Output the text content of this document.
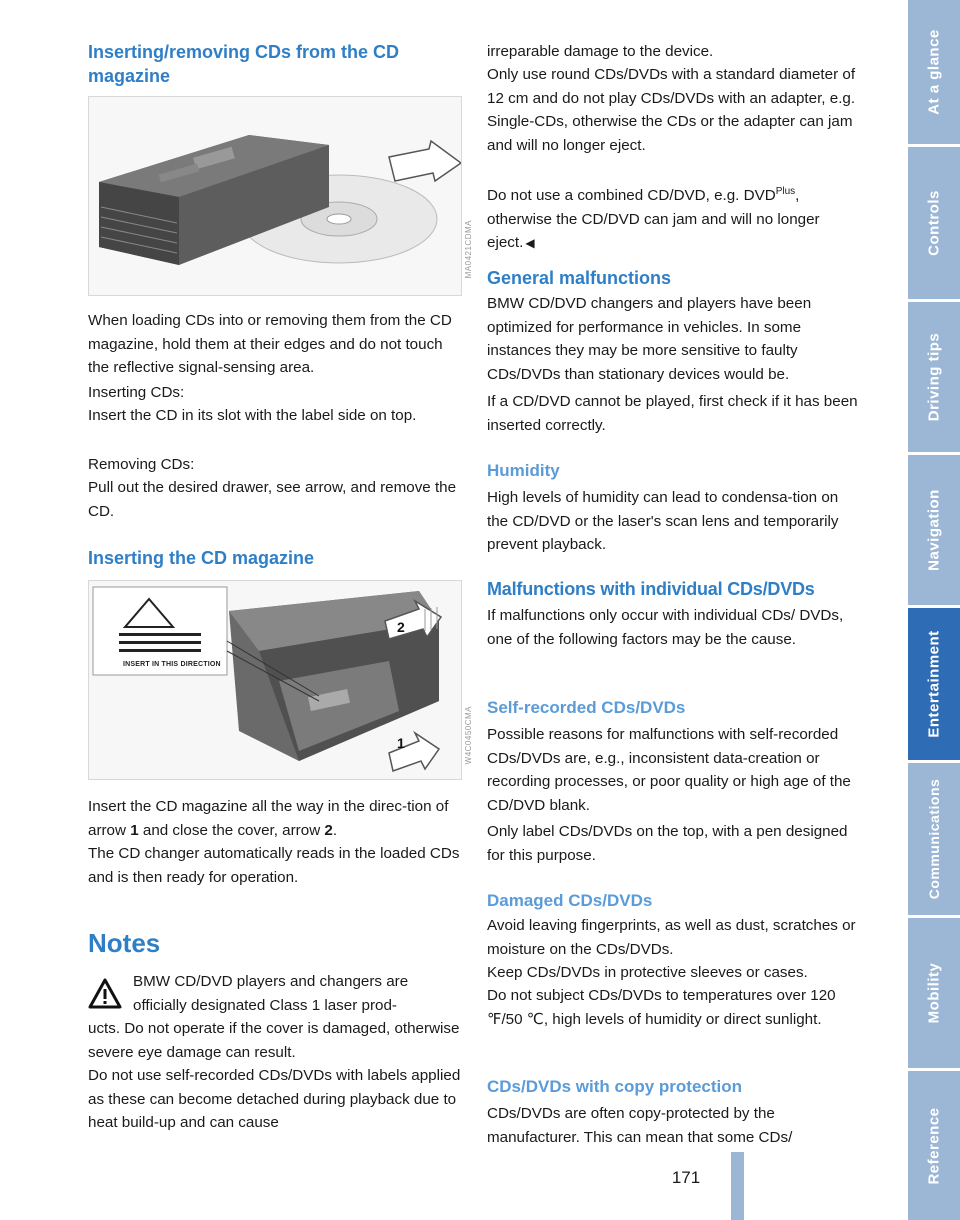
Inserting/removing CDs from the CD magazine
MA0421CDMA

When loading CDs into or removing them from the CD magazine, hold them at their edges and do not touch the reflective signal-sensing area.

Inserting CDs:

Insert the CD in its slot with the label side on top.

Removing CDs:

Pull out the desired drawer, see arrow, and remove the CD.

Inserting the CD magazine
INSERT IN THIS DIRECTION
2
1	W4C0450CMA

Insert the CD magazine all the way in the direc-tion of arrow 1 and close the cover, arrow 2.

The CD changer automatically reads in the loaded CDs and is then ready for operation.

Notes

BMW CD/DVD players and changers are officially designated Class 1 laser prod-

ucts. Do not operate if the cover is damaged, otherwise severe eye damage can result.

Do not use self-recorded CDs/DVDs with labels applied as these can become detached during playback due to heat build-up and can cause

irreparable damage to the device.

Only use round CDs/DVDs with a standard diameter of 12 cm and do not play CDs/DVDs with an adapter, e.g. Single-CDs, otherwise the CDs or the adapter can jam and will no longer eject.

Do not use a combined CD/DVD, e.g. $DVD^{Plus}$, otherwise the CD/DVD can jam and will no longer eject. ◀

General malfunctions

BMW CD/DVD changers and players have been optimized for performance in vehicles. In some instances they may be more sensitive to faulty CDs/DVDs than stationary devices would be.

If a CD/DVD cannot be played, first check if it has been inserted correctly.

Humidity

High levels of humidity can lead to condensa-tion on the CD/DVD or the laser's scan lens and temporarily prevent playback.

Malfunctions with individual CDs/DVDs

If malfunctions only occur with individual CDs/ DVDs, one of the following factors may be the cause.

Self-recorded CDs/DVDs

Possible reasons for malfunctions with self-recorded CDs/DVDs are, e.g., inconsistent data-creation or recording processes, or poor quality or high age of the CD/DVD blank.

Only label CDs/DVDs on the top, with a pen designed for this purpose.

Damaged CDs/DVDs

Avoid leaving fingerprints, as well as dust, scratches or moisture on the CDs/DVDs.

Keep CDs/DVDs in protective sleeves or cases.

Do not subject CDs/DVDs to temperatures over 120 ℉/50 ℃, high levels of humidity or direct sunlight.

CDs/DVDs with copy protection

CDs/DVDs are often copy-protected by the manufacturer. This can mean that some CDs/

171
At a glance
Controls
Driving tips
Navigation
Entertainment
Communications
Mobility
Reference
